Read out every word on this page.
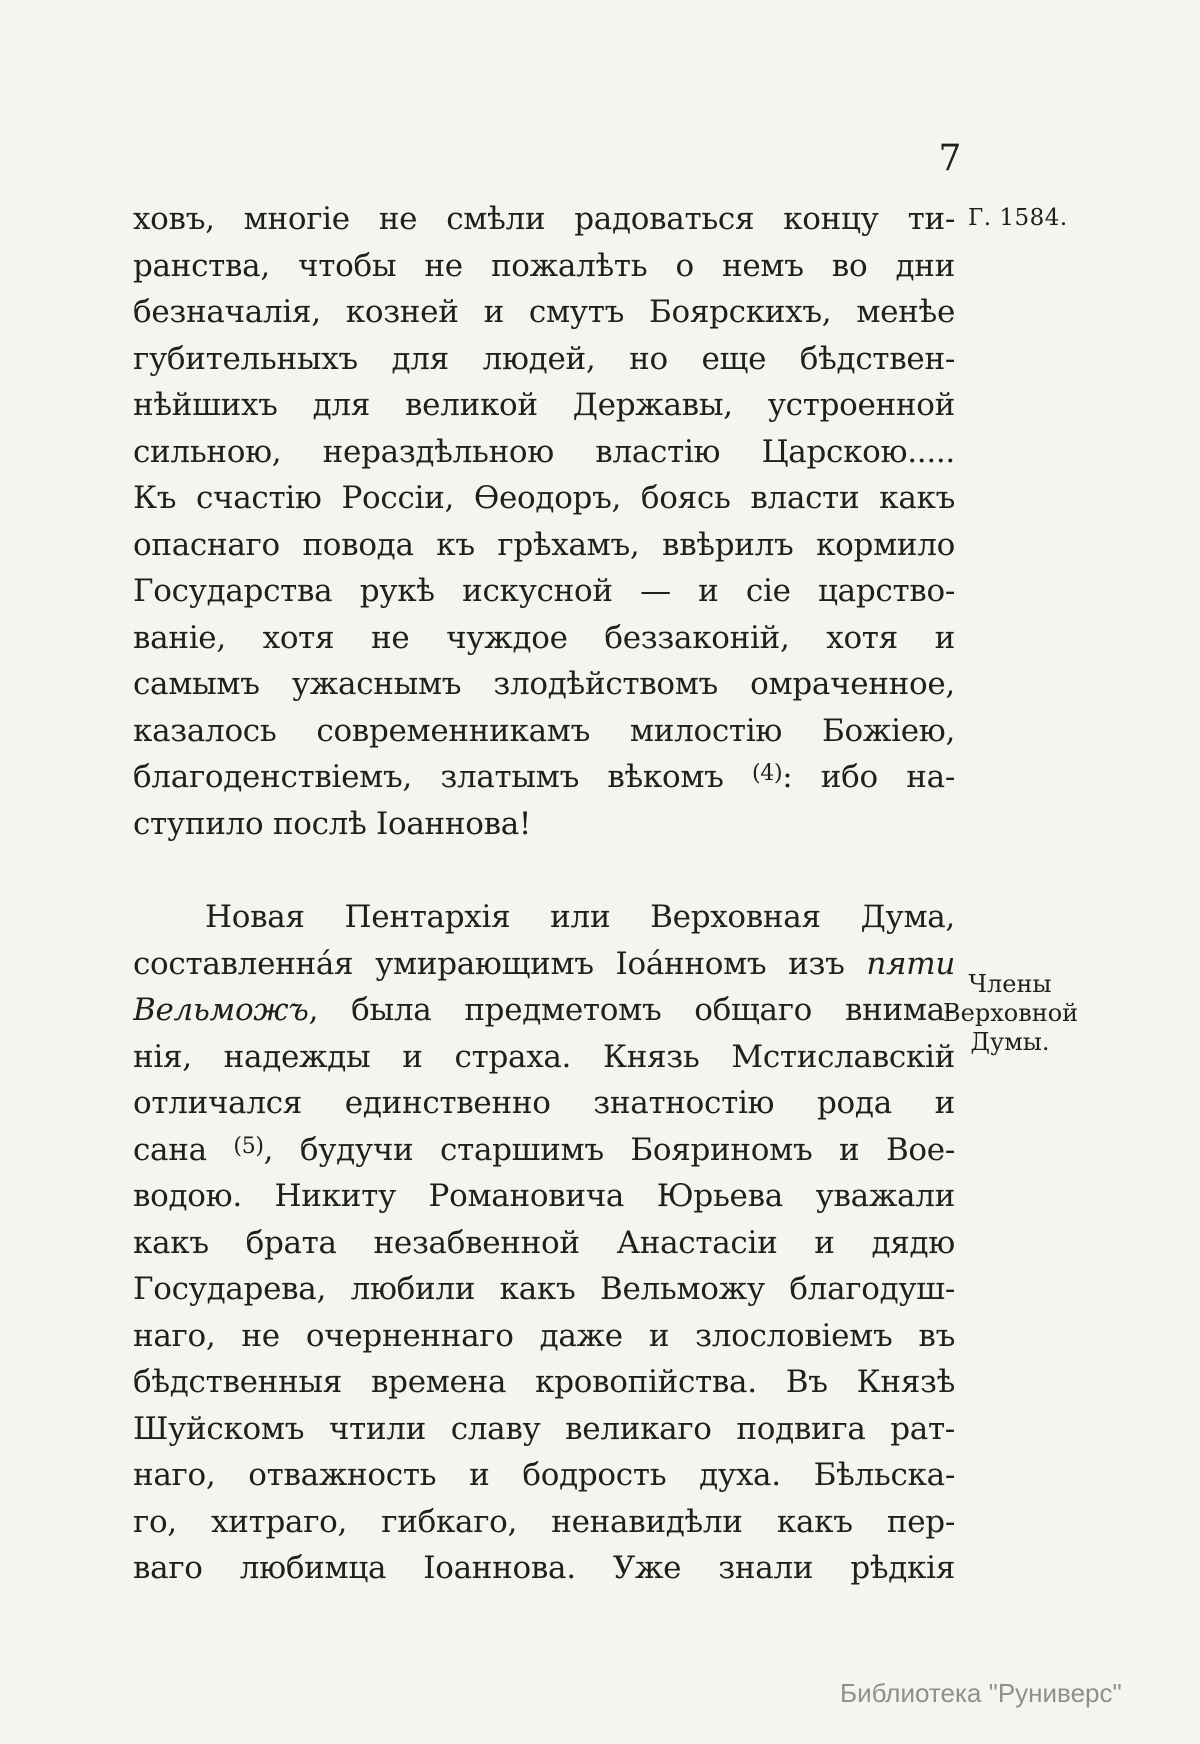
7
Г. 1584.
ховъ, многіе не смѣли радоваться концу ти-
ранства, чтобы не пожалѣть о немъ во дни
безначалія, козней и смутъ Боярскихъ, менѣе
губительныхъ для людей, но еще бѣдствен-
нѣйшихъ для великой Державы, устроенной
сильною, нераздѣльною властію Царскою.....
Къ счастію Россіи, Ѳеодоръ, боясь власти какъ
опаснаго повода къ грѣхамъ, ввѣрилъ кормило
Государства рукѣ искусной — и сіе царство-
ваніе, хотя не чуждое беззаконій, хотя и
самымъ ужаснымъ злодѣйствомъ омраченное,
казалось современникамъ милостію Божіею,
благоденствіемъ, златымъ вѣкомъ $^{(4)}$: ибо на-
ступило послѣ Іоаннова!
Новая Пентархія или Верховная Дума,
составленна́я умирающимъ Іоа́нномъ изъ пяти
Вельможъ, была предметомъ общаго внима-
нія, надежды и страха. Князь Мстиславскій
отличался единственно знатностію рода и
сана $^{(5)}$, будучи старшимъ Бояриномъ и Вое-
водою. Никиту Романовича Юрьева уважали
какъ брата незабвенной Анастасіи и дядю
Государева, любили какъ Вельможу благодуш-
наго, не очерненнаго даже и злословіемъ въ
бѣдственныя времена кровопійства. Въ Князѣ
Шуйскомъ чтили славу великаго подвига рат-
наго, отважность и бодрость духа. Бѣльска-
го, хитраго, гибкаго, ненавидѣли какъ пер-
ваго любимца Іоаннова. Уже знали рѣдкія
Члены
Верховной
Думы.
Библиотека "Руниверс"
